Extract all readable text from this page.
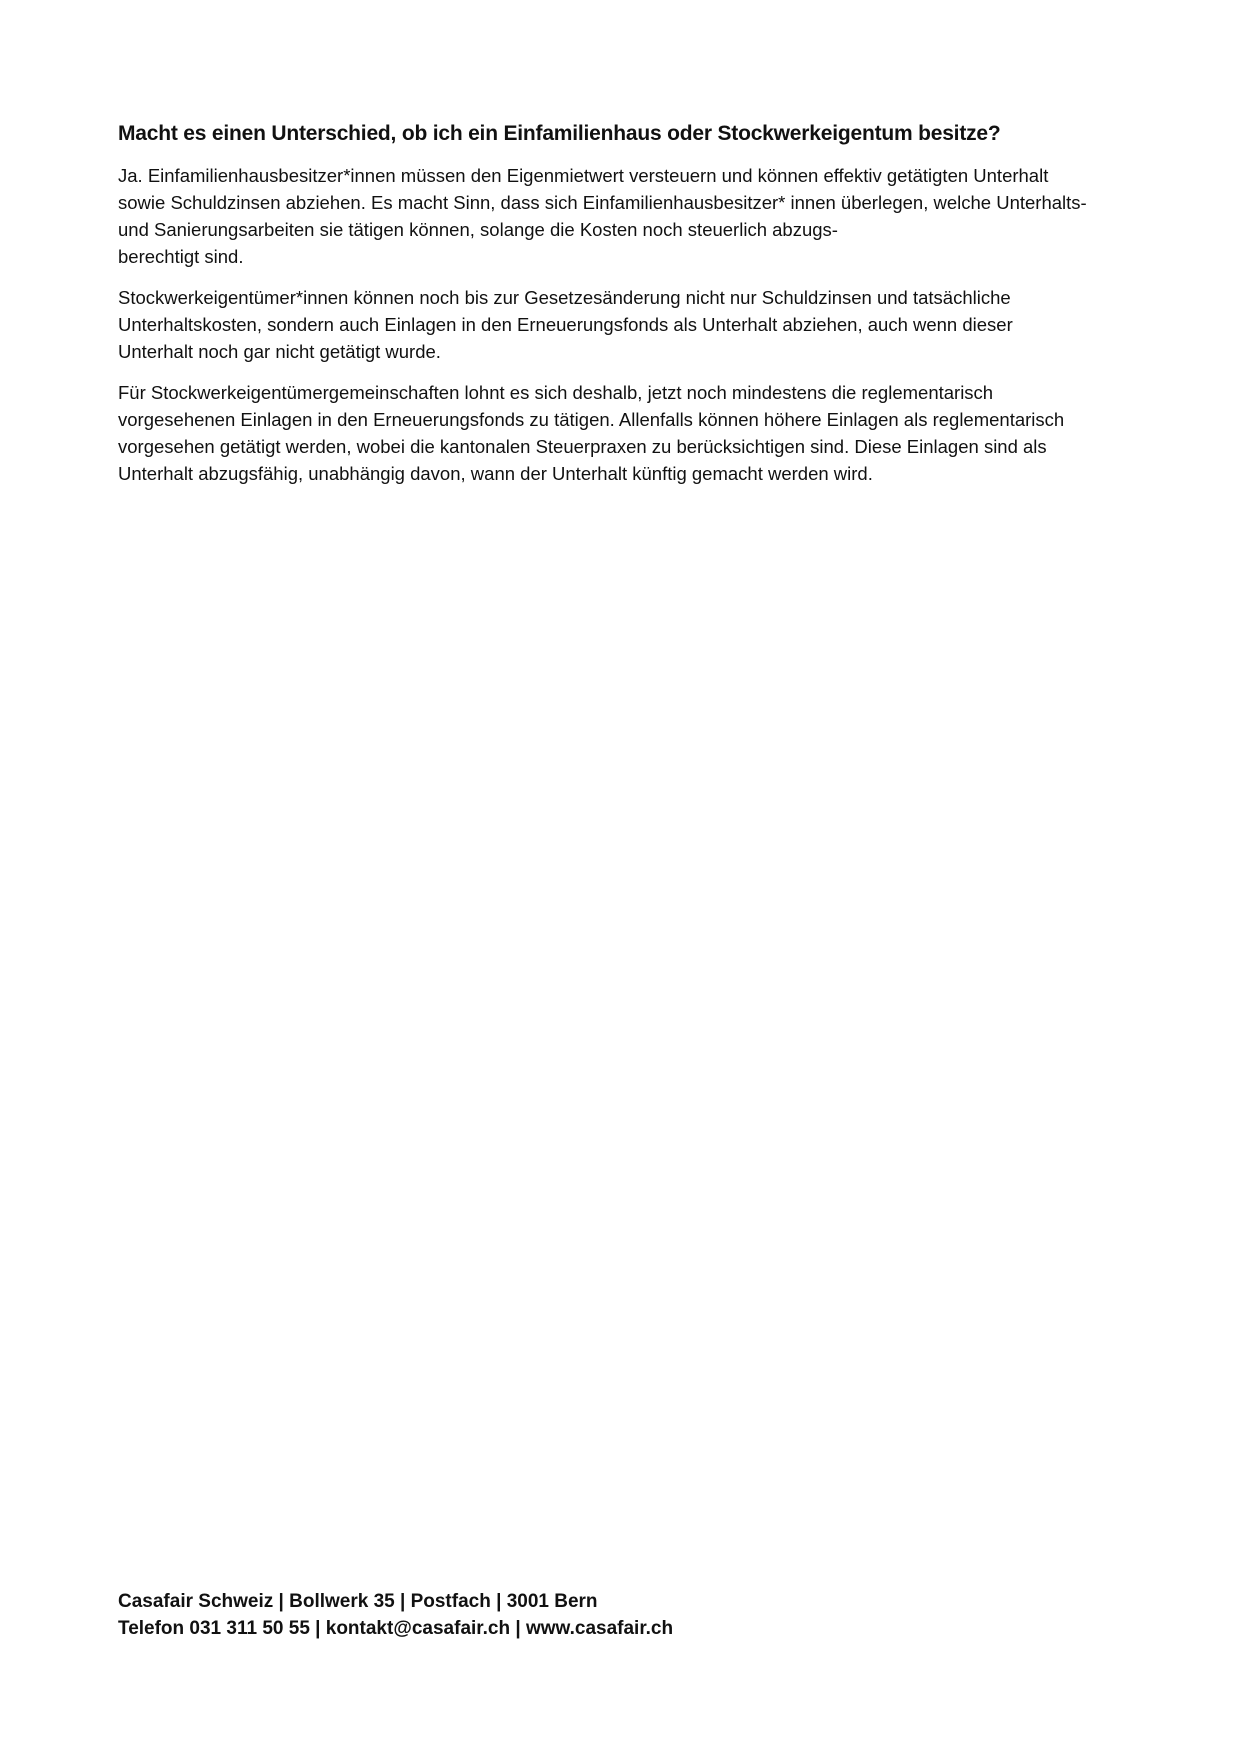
Macht es einen Unterschied, ob ich ein Einfamilienhaus oder Stockwerkeigentum besitze?

Ja. Einfamilienhausbesitzer*innen müssen den Eigenmietwert versteuern und können effektiv getätigten Unterhalt
sowie Schuldzinsen abziehen. Es macht Sinn, dass sich Einfamilienhausbesitzer* innen überlegen, welche Unterhalts-
und Sanierungsarbeiten sie tätigen können, solange die Kosten noch steuerlich abzugs-
berechtigt sind.

Stockwerkeigentümer*innen können noch bis zur Gesetzesänderung nicht nur Schuldzinsen und tatsächliche
Unterhaltskosten, sondern auch Einlagen in den Erneuerungsfonds als Unterhalt abziehen, auch wenn dieser
Unterhalt noch gar nicht getätigt wurde.

Für Stockwerkeigentümergemeinschaften lohnt es sich deshalb, jetzt noch mindestens die reglementarisch
vorgesehenen Einlagen in den Erneuerungsfonds zu tätigen. Allenfalls können höhere Einlagen als reglementarisch
vorgesehen getätigt werden, wobei die kantonalen Steuerpraxen zu berücksichtigen sind. Diese Einlagen sind als
Unterhalt abzugsfähig, unabhängig davon, wann der Unterhalt künftig gemacht werden wird.

Casafair Schweiz | Bollwerk 35 | Postfach | 3001 Bern
Telefon 031 311 50 55 | kontakt@casafair.ch | www.casafair.ch
